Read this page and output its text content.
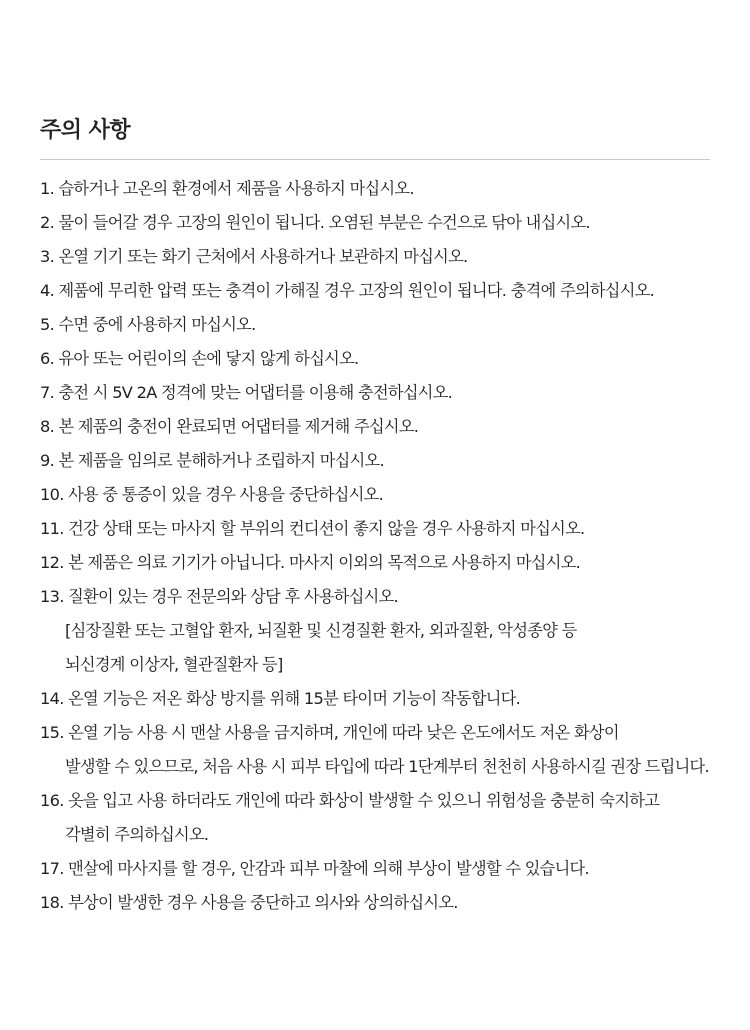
주의 사항
1. 습하거나 고온의 환경에서 제품을 사용하지 마십시오.
2. 물이 들어갈 경우 고장의 원인이 됩니다. 오염된 부분은 수건으로 닦아 내십시오.
3. 온열 기기 또는 화기 근처에서 사용하거나 보관하지 마십시오.
4. 제품에 무리한 압력 또는 충격이 가해질 경우 고장의 원인이 됩니다. 충격에 주의하십시오.
5. 수면 중에 사용하지 마십시오.
6. 유아 또는 어린이의 손에 닿지 않게 하십시오.
7. 충전 시 5V 2A 정격에 맞는 어댑터를 이용해 충전하십시오.
8. 본 제품의 충전이 완료되면 어댑터를 제거해 주십시오.
9. 본 제품을 임의로 분해하거나 조립하지 마십시오.
10. 사용 중 통증이 있을 경우 사용을 중단하십시오.
11. 건강 상태 또는 마사지 할 부위의 컨디션이 좋지 않을 경우 사용하지 마십시오.
12. 본 제품은 의료 기기가 아닙니다. 마사지 이외의 목적으로 사용하지 마십시오.
13. 질환이 있는 경우 전문의와 상담 후 사용하십시오.
[심장질환 또는 고혈압 환자, 뇌질환 및 신경질환 환자, 외과질환, 악성종양 등
뇌신경계 이상자, 혈관질환자 등]
14. 온열 기능은 저온 화상 방지를 위해 15분 타이머 기능이 작동합니다.
15. 온열 기능 사용 시 맨살 사용을 금지하며, 개인에 따라 낮은 온도에서도 저온 화상이
발생할 수 있으므로, 처음 사용 시 피부 타입에 따라 1단계부터 천천히 사용하시길 권장 드립니다.
16. 옷을 입고 사용 하더라도 개인에 따라 화상이 발생할 수 있으니 위험성을 충분히 숙지하고
각별히 주의하십시오.
17. 맨살에 마사지를 할 경우, 안감과 피부 마찰에 의해 부상이 발생할 수 있습니다.
18. 부상이 발생한 경우 사용을 중단하고 의사와 상의하십시오.
